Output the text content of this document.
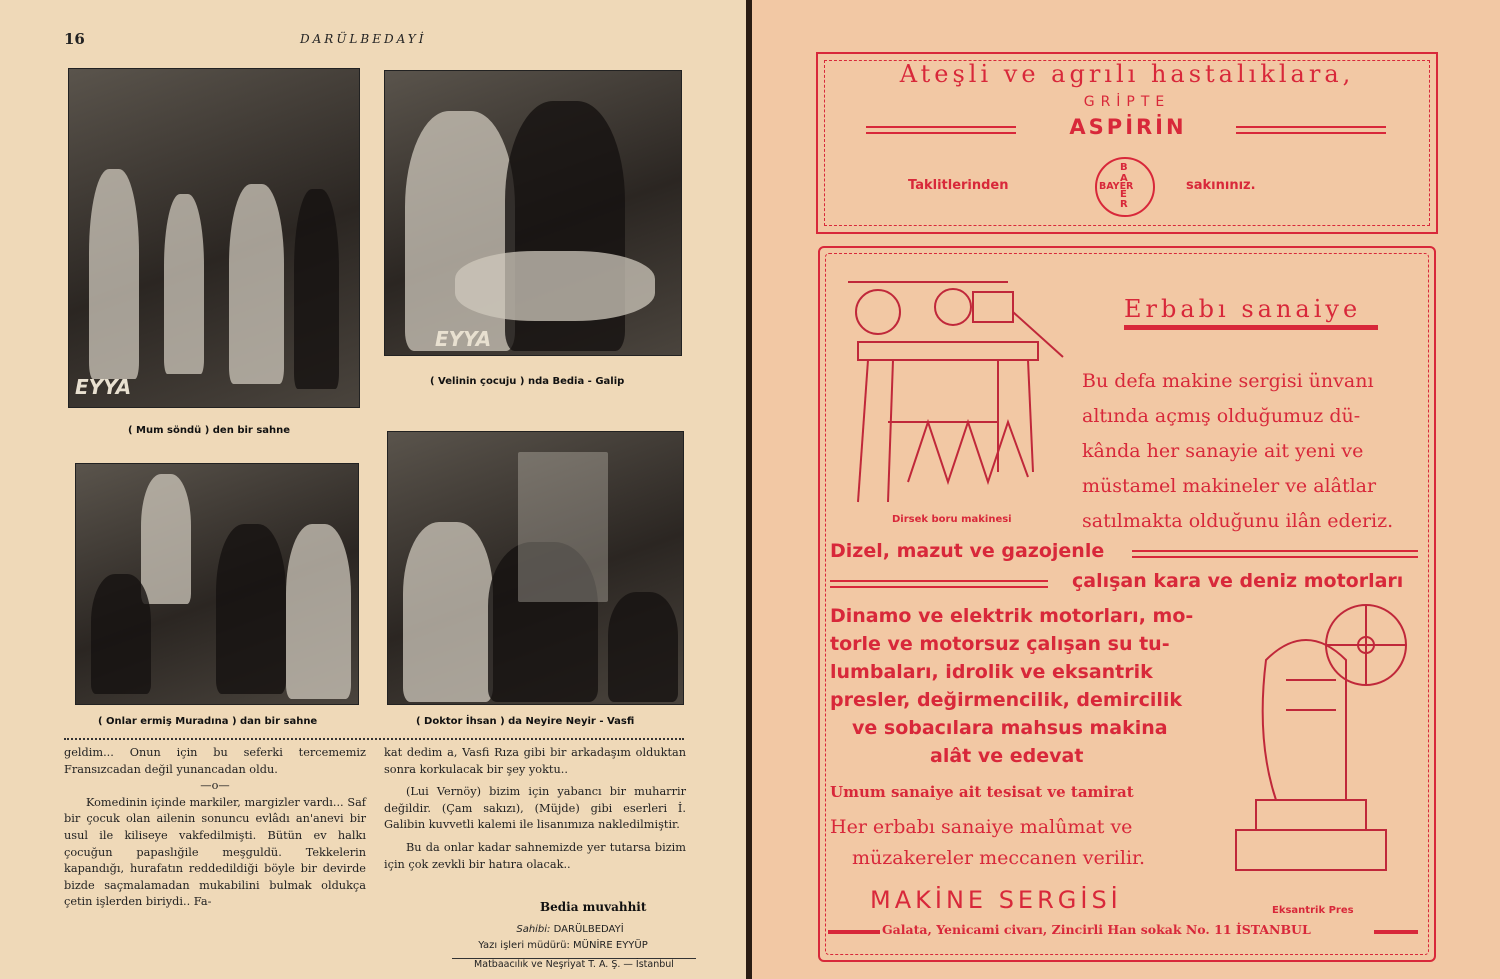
16	DARÜLBEDAYİ
EYYA
( Mum söndü ) den bir sahne
EYYA
( Velinin çocuju ) nda Bedia - Galip
( Onlar ermiş Muradına ) dan bir sahne	( Doktor İhsan ) da Neyire Neyir - Vasfi

geldim... Onun için bu seferki tercememiz Fransızcadan değil yunancadan oldu.

—o—

Komedinin içinde markiler, margizler vardı... Saf bir çocuk olan ailenin sonuncu evlâdı an'anevi bir usul ile kiliseye vakfedilmişti. Bütün ev halkı çocuğun papaslığile meşguldü. Tekkelerin kapandığı, hurafatın reddedildiği böyle bir devirde bizde saçmalamadan mukabilini bulmak oldukça çetin işlerden biriydi.. Fa-

kat dedim a, Vasfi Rıza gibi bir arkadaşım olduktan sonra korkulacak bir şey yoktu..

(Lui Vernöy) bizim için yabancı bir muharrir değildir. (Çam sakızı), (Müjde) gibi eserleri İ. Galibin kuvvetli kalemi ile lisanımıza nakledilmiştir.

Bu da onlar kadar sahnemizde yer tutarsa bizim için çok zevkli bir hatıra olacak..

Bedia muvahhit
Sahibi: DARÜLBEDAYİ
Yazı işleri müdürü: MÜNİRE EYYÜP
Matbaacılık ve Neşriyat T. A. Ş. — İstanbul
Ateşli ve agrılı hastalıklara,
GRİPTE
ASPİRİN
Taklitlerinden
B
A
BAYER
E
R
sakınınız.
Dirsek boru makinesi
Erbabı sanaiye
Bu defa makine sergisi ünvanı
altında açmış olduğumuz dü-
kânda her sanayie ait yeni ve
müstamel makineler ve alâtlar
satılmakta olduğunu ilân ederiz.
Dizel, mazut ve gazojenle
çalışan kara ve deniz motorları
Dinamo ve elektrik motorları, mo-
torle ve motorsuz çalışan su tu-
lumbaları, idrolik ve eksantrik
presler, değirmencilik, demircilik
ve sobacılara mahsus makina
alât ve edevat
Eksantrik Pres
Umum sanaiye ait tesisat ve tamirat
Her erbabı sanaiye malûmat ve
müzakereler meccanen verilir.
MAKİNE SERGİSİ
Galata, Yenicami civarı, Zincirli Han sokak No. 11 İSTANBUL
